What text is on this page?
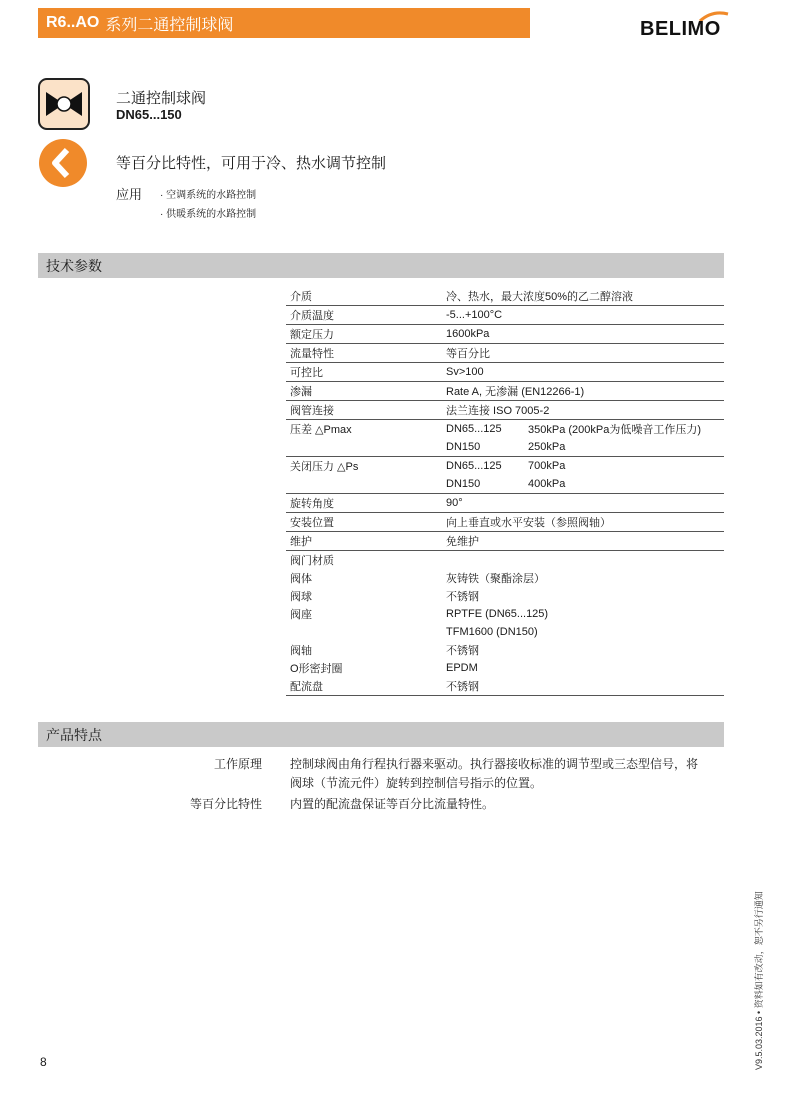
R6..AO 系列二通控制球阀	BELIMO
二通控制球阀
DN65...150
等百分比特性，可用于冷、热水调节控制
应用	· 空调系统的水路控制
· 供暖系统的水路控制
技术参数
介质	冷、热水，最大浓度50%的乙二醇溶液	
介质温度	-5...+100°C	
额定压力	1600kPa	
流量特性	等百分比	
可控比	Sv>100	
渗漏	Rate A, 无渗漏 (EN12266-1)	
阀管连接	法兰连接 ISO 7005-2	
压差 △Pmax	DN65...125	350kPa (200kPa为低噪音工作压力)
	DN150	250kPa
关闭压力 △Ps	DN65...125	700kPa
	DN150	400kPa
旋转角度	90°	
安装位置	向上垂直或水平安装（参照阀轴）	
维护	免维护	
阀门材质		
阀体	灰铸铁（聚酯涂层）	
阀球	不锈钢	
阀座	RPTFE (DN65...125)	
	TFM1600 (DN150)	
阀轴	不锈钢	
O形密封圈	EPDM	
配流盘	不锈钢	
产品特点
工作原理 控制球阀由角行程执行器来驱动。执行器接收标准的调节型或三态型信号，将阀球（节流元件）旋转到控制信号指示的位置。
等百分比特性 内置的配流盘保证等百分比流量特性。
8	V9.5.03.2016 • 资料如有改动，恕不另行通知
